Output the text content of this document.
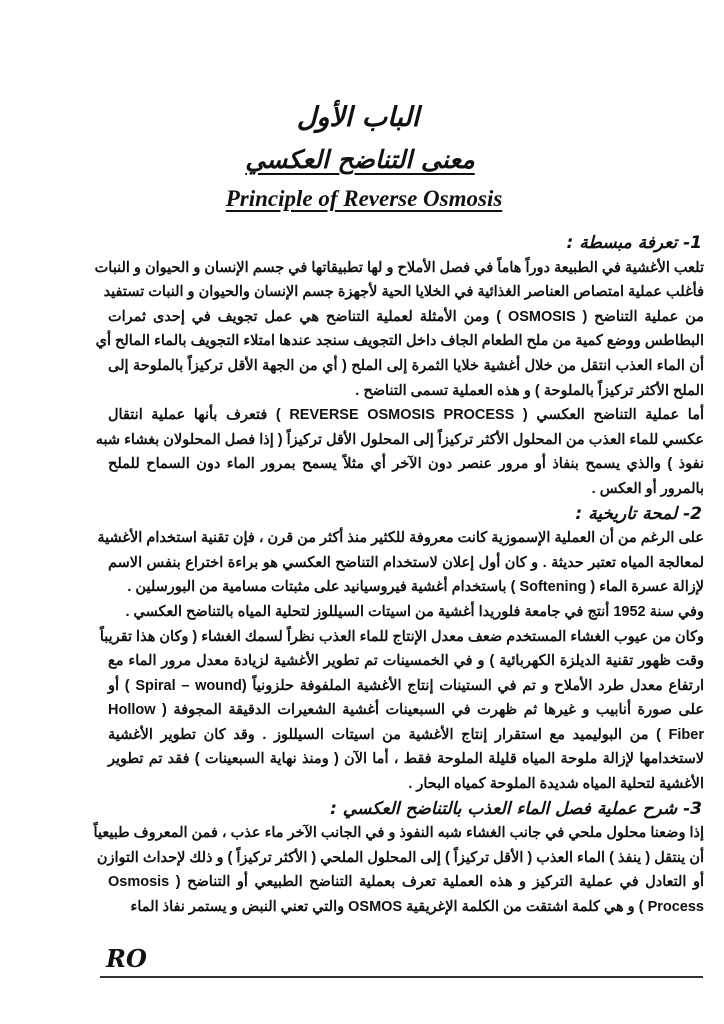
الباب الأول
معنى التناضح العكسي
Principle of Reverse Osmosis
1- تعرفة مبسطة :
تلعب الأغشية في الطبيعة دوراً هاماً في فصل الأملاح و لها تطبيقاتها في جسم الإنسان و الحيوان و النبات
فأغلب عملية امتصاص العناصر الغذائية في الخلايا الحية لأجهزة جسم الإنسان والحيوان و النبات تستفيد
من عملية التناضح ( OSMOSIS ) ومن الأمثلة لعملية التناضح هي عمل تجويف في إحدى ثمرات
البطاطس ووضع كمية من ملح الطعام الجاف داخل التجويف سنجد عندها امتلاء التجويف بالماء المالح أي
أن الماء العذب انتقل من خلال أغشية خلايا الثمرة إلى الملح ( أي من الجهة الأقل تركيزاً بالملوحة إلى
الملح الأكثر تركيزاً بالملوحة ) و هذه العملية تسمى التناضح .
أما عملية التناضح العكسي ( REVERSE OSMOSIS PROCESS ) فتعرف بأنها عملية انتقال
عكسي للماء العذب من المحلول الأكثر تركيزاً إلى المحلول الأقل تركيزاً ( إذا فصل المحلولان بغشاء شبه
نفوذ ) والذي يسمح بنفاذ أو مرور عنصر دون الآخر أي مثلاً يسمح بمرور الماء دون السماح للملح
بالمرور أو العكس .
2- لمحة تاريخية :
على الرغم من أن العملية الإسموزية كانت معروفة للكثير منذ أكثر من قرن ، فإن تقنية استخدام الأغشية
لمعالجة المياه تعتبر حديثة . و كان أول إعلان لاستخدام التناضح العكسي هو براءة اختراع بنفس الاسم
لإزالة عسرة الماء ( Softening ) باستخدام أغشية فيروسيانيد على مثبتات مسامية من البورسلين .
وفي سنة 1952 أنتج في جامعة فلوريدا أغشية من اسيتات السيللوز لتحلية المياه بالتناضح العكسي .
وكان من عيوب الغشاء المستخدم ضعف معدل الإنتاج للماء العذب نظراً لسمك الغشاء ( وكان هذا تقريباً
وقت ظهور تقنية الديلزة الكهربائية ) و في الخمسينات تم تطوير الأغشية لزيادة معدل مرور الماء مع
ارتفاع معدل طرد الأملاح و تم في الستينات إنتاج الأغشية الملفوفة حلزونياً (Spiral – wound ) أو
على صورة أنابيب و غيرها ثم ظهرت في السبعينات أغشية الشعيرات الدقيقة المجوفة ( Hollow
Fiber ) من البوليميد مع استقرار إنتاج الأغشية من اسيتات السيللوز . وقد كان تطوير الأغشية
لاستخدامها لإزالة ملوحة المياه قليلة الملوحة فقط ، أما الآن ( ومنذ نهاية السبعينات ) فقد تم تطوير
الأغشية لتحلية المياه شديدة الملوحة كمياه البحار .
3- شرح عملية فصل الماء العذب بالتناضح العكسي :
إذا وضعنا محلول ملحي في جانب الغشاء شبه النفوذ و في الجانب الآخر ماء عذب ، فمن المعروف طبيعياً
أن ينتقل ( ينفذ ) الماء العذب ( الأقل تركيزاً ) إلى المحلول الملحي ( الأكثر تركيزاً ) و ذلك لإحداث التوازن
أو التعادل في عملية التركيز و هذه العملية تعرف بعملية التناضح الطبيعي أو التناضح ( Osmosis
Process ) و هي كلمة اشتقت من الكلمة الإغريقية OSMOS والتي تعني النبض و يستمر نفاذ الماء
RO
